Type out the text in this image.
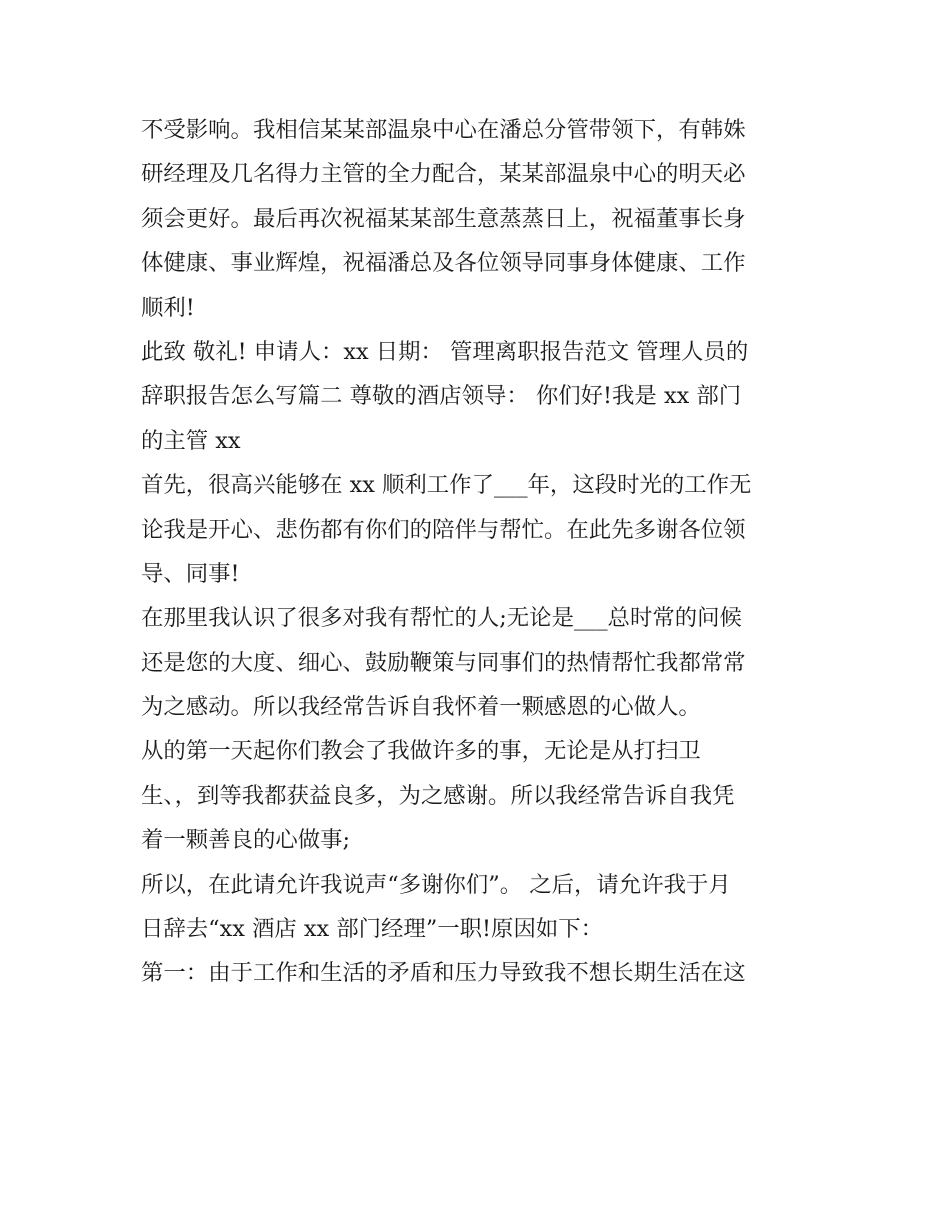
不受影响。我相信某某部温泉中心在潘总分管带领下，有韩姝
研经理及几名得力主管的全力配合，某某部温泉中心的明天必
须会更好。最后再次祝福某某部生意蒸蒸日上，祝福董事长身
体健康、事业辉煌，祝福潘总及各位领导同事身体健康、工作
顺利!
此致 敬礼! 申请人：xx 日期： 管理离职报告范文 管理人员的
辞职报告怎么写篇二 尊敬的酒店领导： 你们好!我是 xx 部门
的主管 xx
首先，很高兴能够在 xx 顺利工作了___年，这段时光的工作无
论我是开心、悲伤都有你们的陪伴与帮忙。在此先多谢各位领
导、同事!
在那里我认识了很多对我有帮忙的人;无论是___总时常的问候
还是您的大度、细心、鼓励鞭策与同事们的热情帮忙我都常常
为之感动。所以我经常告诉自我怀着一颗感恩的心做人。
从的第一天起你们教会了我做许多的事，无论是从打扫卫
生、，到等我都获益良多，为之感谢。所以我经常告诉自我凭
着一颗善良的心做事;
所以，在此请允许我说声“多谢你们”。 之后，请允许我于月
日辞去“xx 酒店 xx 部门经理”一职!原因如下：
第一：由于工作和生活的矛盾和压力导致我不想长期生活在这
